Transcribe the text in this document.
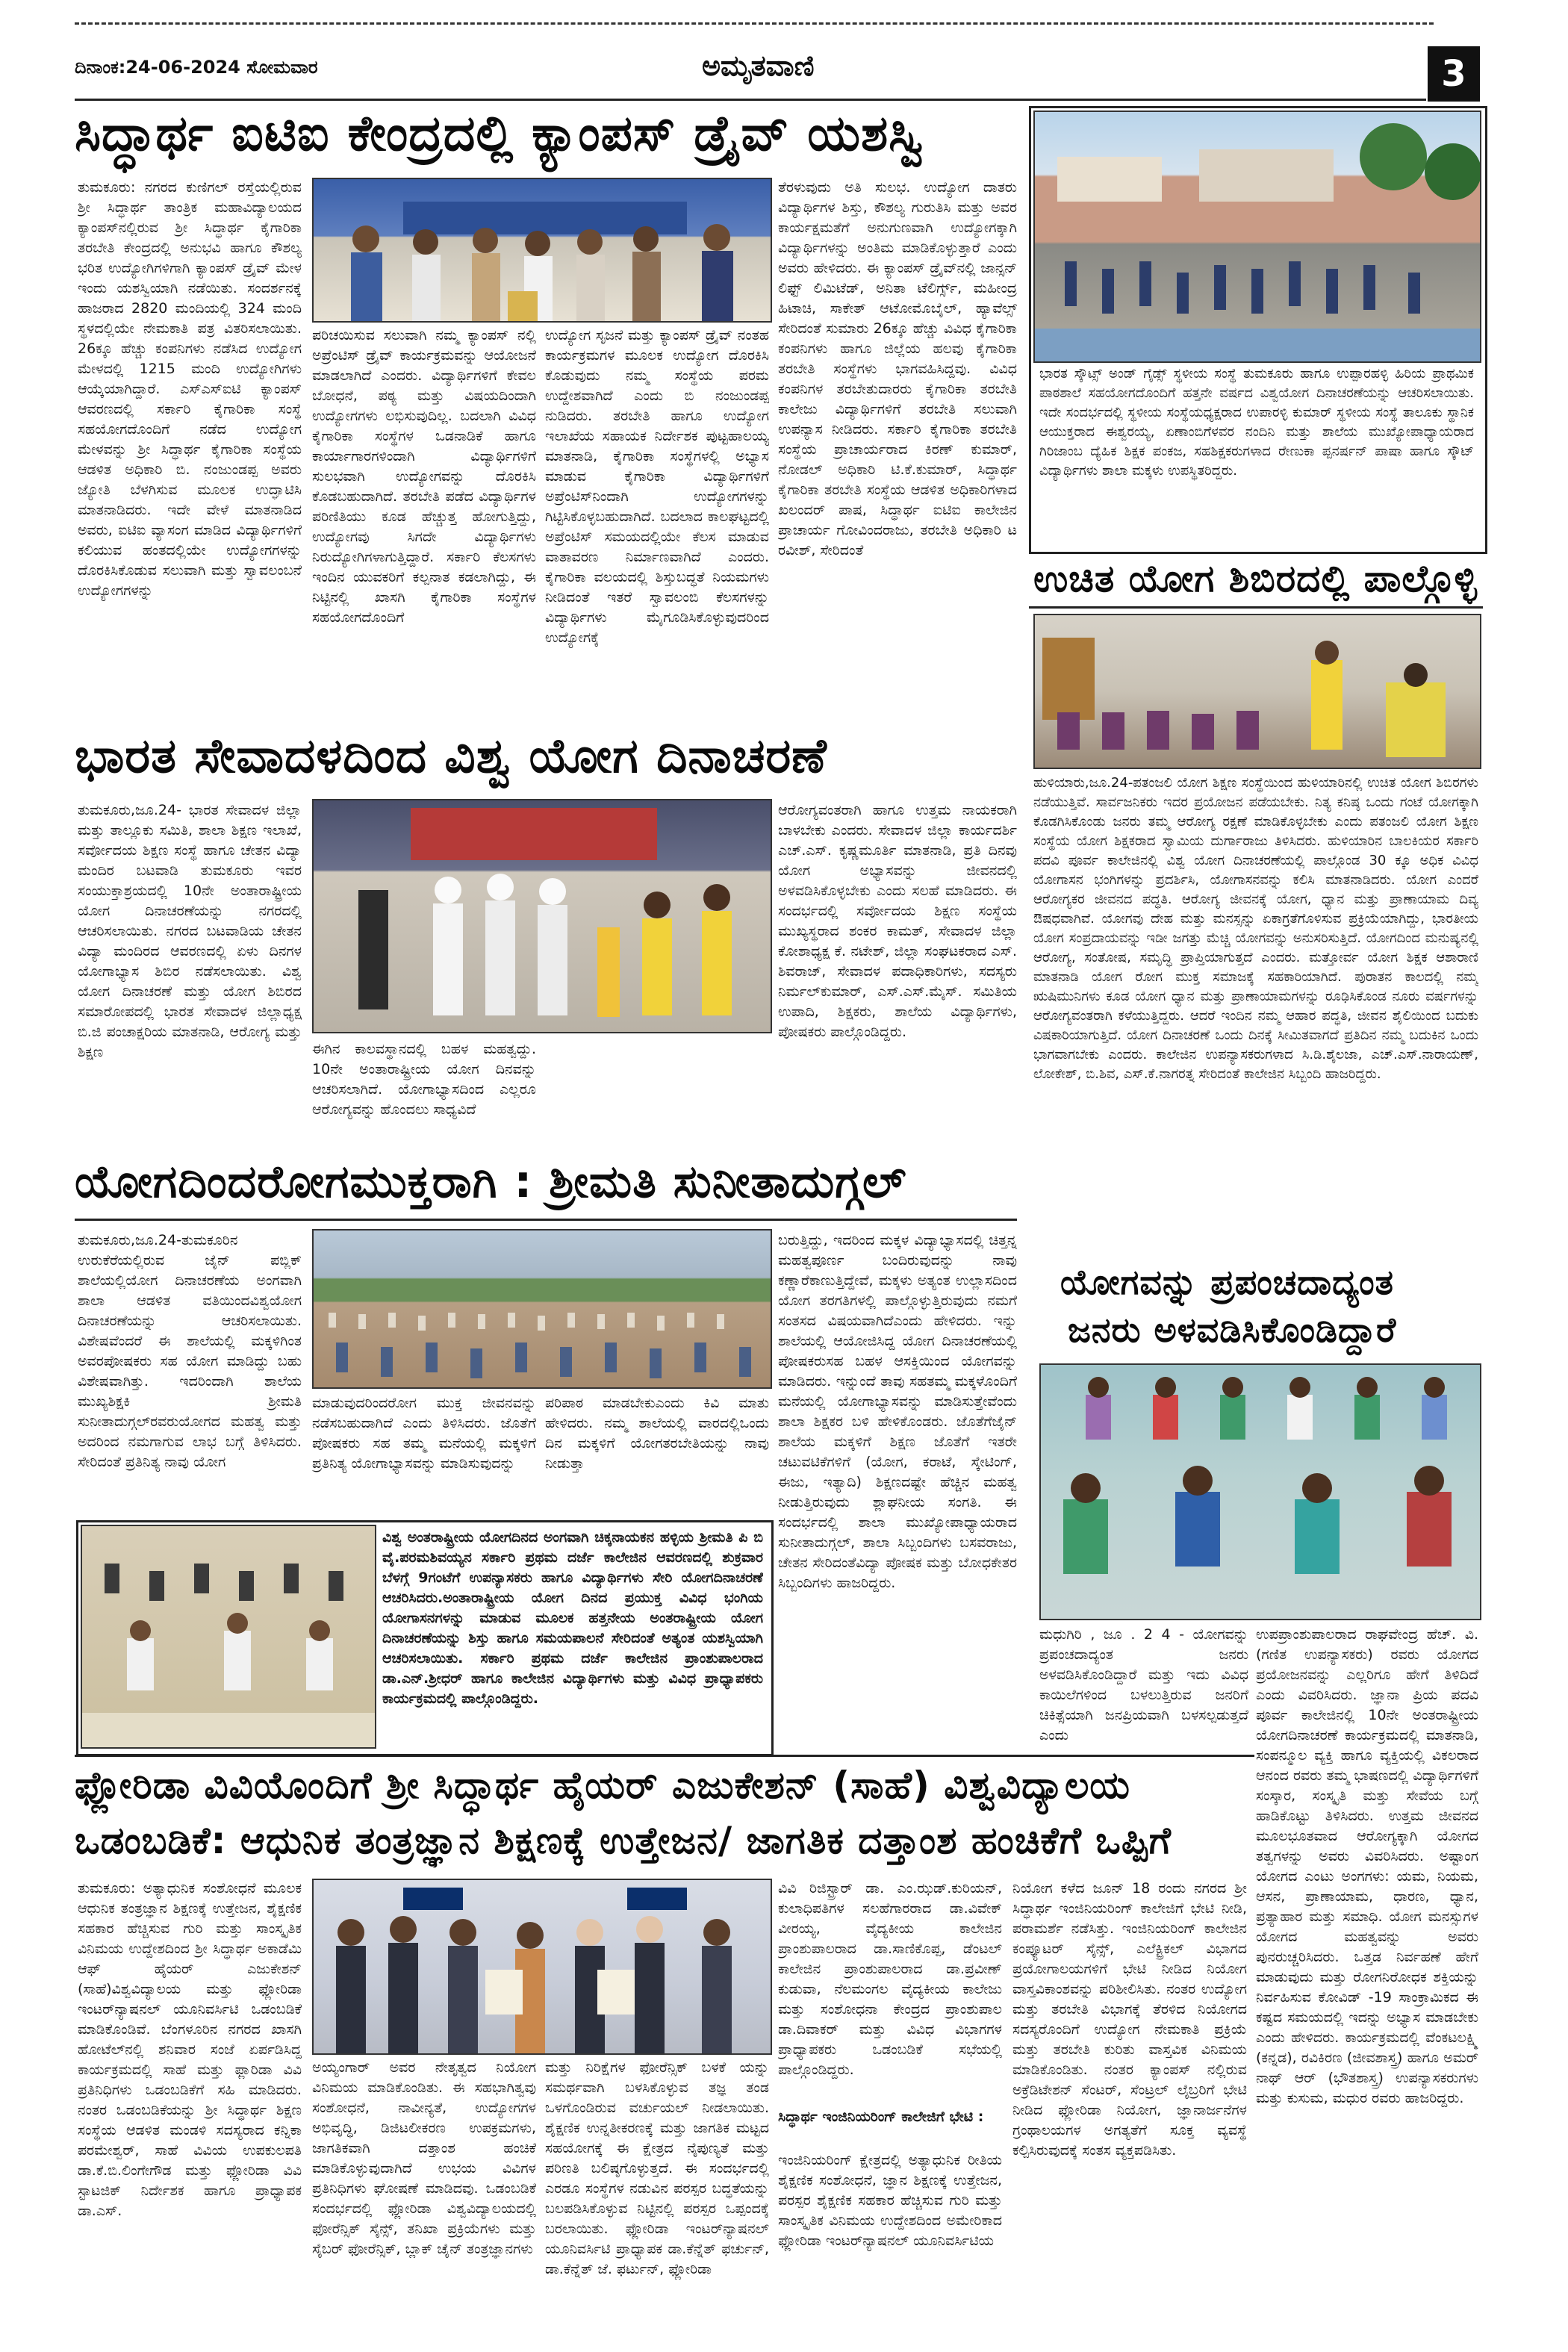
ದಿನಾಂಕ:24-06-2024 ಸೋಮವಾರ	ಅಮೃತವಾಣಿ	3
ಸಿದ್ಧಾರ್ಥ ಐಟಿಐ ಕೇಂದ್ರದಲ್ಲಿ ಕ್ಯಾಂಪಸ್ ಡ್ರೈವ್ ಯಶಸ್ವಿ
ತುಮಕೂರು: ನಗರದ ಕುಣಿಗಲ್ ರಸ್ತೆಯಲ್ಲಿರುವ ಶ್ರೀ ಸಿದ್ಧಾರ್ಥ ತಾಂತ್ರಿಕ ಮಹಾವಿದ್ಯಾಲಯದ ಕ್ಯಾಂಪಸ್‌ನಲ್ಲಿರುವ ಶ್ರೀ ಸಿದ್ಧಾರ್ಥ ಕೈಗಾರಿಕಾ ತರಬೇತಿ ಕೇಂದ್ರದಲ್ಲಿ ಅನುಭವಿ ಹಾಗೂ ಕೌಶಲ್ಯ ಭರಿತ ಉದ್ಯೋಗಿಗಳಿಗಾಗಿ ಕ್ಯಾಂಪಸ್ ಡ್ರೈವ್ ಮೇಳ ಇಂದು ಯಶಸ್ವಿಯಾಗಿ ನಡೆಯಿತು. ಸಂದರ್ಶನಕ್ಕೆ ಹಾಜರಾದ 2820 ಮಂದಿಯಲ್ಲಿ 324 ಮಂದಿ ಸ್ಥಳದಲ್ಲಿಯೇ ನೇಮಕಾತಿ ಪತ್ರ ವಿತರಿಸಲಾಯಿತು. 26ಕ್ಕೂ ಹೆಚ್ಚು ಕಂಪನಿಗಳು ನಡೆಸಿದ ಉದ್ಯೋಗ ಮೇಳದಲ್ಲಿ 1215 ಮಂದಿ ಉದ್ಯೋಗಿಗಳು ಆಯ್ಕೆಯಾಗಿದ್ದಾರೆ. ಎಸ್‌ಎಸ್‌ಐಟಿ ಕ್ಯಾಂಪಸ್ ಆವರಣದಲ್ಲಿ ಸರ್ಕಾರಿ ಕೈಗಾರಿಕಾ ಸಂಸ್ಥೆ ಸಹಯೋಗದೊಂದಿಗೆ ನಡೆದ ಉದ್ಯೋಗ ಮೇಳವನ್ನು ಶ್ರೀ ಸಿದ್ಧಾರ್ಥ ಕೈಗಾರಿಕಾ ಸಂಸ್ಥೆಯ ಆಡಳಿತ ಅಧಿಕಾರಿ ಬಿ. ನಂಜುಂಡಪ್ಪ ಅವರು ಜ್ಯೋತಿ ಬೆಳಗಿಸುವ ಮೂಲಕ ಉದ್ಘಾಟಿಸಿ ಮಾತನಾಡಿದರು. ಇದೇ ವೇಳೆ ಮಾತನಾಡಿದ ಅವರು, ಐಟಿಐ ವ್ಯಾಸಂಗ ಮಾಡಿದ ವಿದ್ಯಾರ್ಥಿಗಳಿಗೆ ಕಲಿಯುವ ಹಂತದಲ್ಲಿಯೇ ಉದ್ಯೋಗಗಳನ್ನು ದೊರಕಿಸಿಕೊಡುವ ಸಲುವಾಗಿ ಮತ್ತು ಸ್ವಾವಲಂಬನೆ ಉದ್ಯೋಗಗಳನ್ನು
ಪರಿಚಯಿಸುವ ಸಲುವಾಗಿ ನಮ್ಮ ಕ್ಯಾಂಪಸ್ ನಲ್ಲಿ ಅಪ್ರೆಂಟಿಸ್ ಡ್ರೈವ್ ಕಾರ್ಯಕ್ರಮವನ್ನು ಆಯೋಜನೆ ಮಾಡಲಾಗಿದೆ ಎಂದರು. ವಿದ್ಯಾರ್ಥಿಗಳಿಗೆ ಕೇವಲ ಬೋಧನೆ, ಪಠ್ಯ ಮತ್ತು ವಿಷಯದಿಂದಾಗಿ ಉದ್ಯೋಗಗಳು ಲಭಿಸುವುದಿಲ್ಲ. ಬದಲಾಗಿ ವಿವಿಧ ಕೈಗಾರಿಕಾ ಸಂಸ್ಥೆಗಳ ಒಡನಾಡಿಕೆ ಹಾಗೂ ಕಾರ್ಯಾಗಾರಗಳಿಂದಾಗಿ ವಿದ್ಯಾರ್ಥಿಗಳಿಗೆ ಸುಲಭವಾಗಿ ಉದ್ಯೋಗವನ್ನು ದೊರಕಿಸಿ ಕೊಡಬಹುದಾಗಿದೆ. ತರಬೇತಿ ಪಡೆದ ವಿದ್ಯಾರ್ಥಿಗಳ ಪರಿಣಿತಿಯು ಕೂಡ ಹೆಚ್ಚುತ್ತ ಹೋಗುತ್ತಿದ್ದು, ಉದ್ಯೋಗವು ಸಿಗದೇ ವಿದ್ಯಾರ್ಥಿಗಳು ನಿರುದ್ಯೋಗಿಗಳಾಗುತ್ತಿದ್ದಾರೆ. ಸರ್ಕಾರಿ ಕೆಲಸಗಳು ಇಂದಿನ ಯುವಕರಿಗೆ ಕಲ್ಪನಾತ ಕಡಲಾಗಿದ್ದು, ಈ ನಿಟ್ಟಿನಲ್ಲಿ ಖಾಸಗಿ ಕೈಗಾರಿಕಾ ಸಂಸ್ಥೆಗಳ ಸಹಯೋಗದೊಂದಿಗೆ
ಉದ್ಯೋಗ ಸೃಜನೆ ಮತ್ತು ಕ್ಯಾಂಪಸ್ ಡ್ರೈವ್ ನಂತಹ ಕಾರ್ಯಕ್ರಮಗಳ ಮೂಲಕ ಉದ್ಯೋಗ ದೊರಕಿಸಿ ಕೊಡುವುದು ನಮ್ಮ ಸಂಸ್ಥೆಯ ಪರಮ ಉದ್ದೇಶವಾಗಿದೆ ಎಂದು ಬಿ ನಂಜುಂಡಪ್ಪ ನುಡಿದರು. ತರಬೇತಿ ಹಾಗೂ ಉದ್ಯೋಗ ಇಲಾಖೆಯ ಸಹಾಯಕ ನಿರ್ದೇಶಕ ಪುಟ್ಟಹಾಲಯ್ಯ ಮಾತನಾಡಿ, ಕೈಗಾರಿಕಾ ಸಂಸ್ಥೆಗಳಲ್ಲಿ ಅಭ್ಯಾಸ ಮಾಡುವ ಕೈಗಾರಿಕಾ ವಿದ್ಯಾರ್ಥಿಗಳಿಗೆ ಅಪ್ರೆಂಟಿಸ್‌ನಿಂದಾಗಿ ಉದ್ಯೋಗಗಳನ್ನು ಗಿಟ್ಟಿಸಿಕೊಳ್ಳಬಹುದಾಗಿದೆ. ಬದಲಾದ ಕಾಲಘಟ್ಟದಲ್ಲಿ ಅಪ್ರೆಂಟಿಸ್ ಸಮಯದಲ್ಲಿಯೇ ಕೆಲಸ ಮಾಡುವ ವಾತಾವರಣ ನಿರ್ಮಾಣವಾಗಿದೆ ಎಂದರು. ಕೈಗಾರಿಕಾ ವಲಯದಲ್ಲಿ ಶಿಸ್ತುಬದ್ಧತೆ ನಿಯಮಗಳು ನೀಡಿದಂತೆ ಇತರೆ ಸ್ವಾವಲಂಬಿ ಕೆಲಸಗಳನ್ನು ವಿದ್ಯಾರ್ಥಿಗಳು ಮೈಗೂಡಿಸಿಕೊಳ್ಳುವುದರಿಂದ ಉದ್ಯೋಗಕ್ಕೆ
ತೆರಳುವುದು ಅತಿ ಸುಲಭ. ಉದ್ಯೋಗ ದಾತರು ವಿದ್ಯಾರ್ಥಿಗಳ ಶಿಸ್ತು, ಕೌಶಲ್ಯ ಗುರುತಿಸಿ ಮತ್ತು ಅವರ ಕಾರ್ಯಕ್ಷಮತೆಗೆ ಅನುಗುಣವಾಗಿ ಉದ್ಯೋಗಕ್ಕಾಗಿ ವಿದ್ಯಾರ್ಥಿಗಳನ್ನು ಅಂತಿಮ ಮಾಡಿಕೊಳ್ಳುತ್ತಾರೆ ಎಂದು ಅವರು ಹೇಳಿದರು. ಈ ಕ್ಯಾಂಪಸ್ ಡ್ರೈವ್‌ನಲ್ಲಿ ಜಾನ್ಸನ್ ಲಿಫ್ಟ್ ಲಿಮಿಟೆಡ್, ಅನಿತಾ ಟೆಲಿರ್ಗ್ಸ್, ಮಹೀಂದ್ರ ಹಿಟಾಚಿ, ಸಾಕೇತ್ ಆಟೋಮೊಬೈಲ್, ಹ್ಯಾವೆಲ್ಸ್ ಸೇರಿದಂತೆ ಸುಮಾರು 26ಕ್ಕೂ ಹೆಚ್ಚು ವಿವಿಧ ಕೈಗಾರಿಕಾ ಕಂಪನಿಗಳು ಹಾಗೂ ಜಿಲ್ಲೆಯ ಹಲವು ಕೈಗಾರಿಕಾ ತರಬೇತಿ ಸಂಸ್ಥೆಗಳು ಭಾಗವಹಿಸಿದ್ದವು. ವಿವಿಧ ಕಂಪನಿಗಳ ತರಬೇತುದಾರರು ಕೈಗಾರಿಕಾ ತರಬೇತಿ ಕಾಲೇಜು ವಿದ್ಯಾರ್ಥಿಗಳಿಗೆ ತರಬೇತಿ ಸಲುವಾಗಿ ಉಪನ್ಯಾಸ ನೀಡಿದರು. ಸರ್ಕಾರಿ ಕೈಗಾರಿಕಾ ತರಬೇತಿ ಸಂಸ್ಥೆಯ ಪ್ರಾಚಾರ್ಯರಾದ ಕಿರಣ್ ಕುಮಾರ್, ನೋಡಲ್ ಅಧಿಕಾರಿ ಟಿ.ಕೆ.ಕುಮಾರ್, ಸಿದ್ಧಾರ್ಥ ಕೈಗಾರಿಕಾ ತರಬೇತಿ ಸಂಸ್ಥೆಯ ಆಡಳಿತ ಅಧಿಕಾರಿಗಳಾದ ಖಲಂದರ್ ಪಾಷ, ಸಿದ್ಧಾರ್ಥ ಐಟಿಐ ಕಾಲೇಜಿನ ಪ್ರಾಚಾರ್ಯ ಗೋವಿಂದರಾಜು, ತರಬೇತಿ ಅಧಿಕಾರಿ ಟ ರವೀಶ್, ಸೇರಿದಂತೆ
ಭಾರತ ಸ್ಕೌಟ್ಸ್ ಅಂಡ್ ಗೈಡ್ಸ್ ಸ್ಥಳೀಯ ಸಂಸ್ಥೆ ತುಮಕೂರು ಹಾಗೂ ಉಪ್ಪಾರಹಳ್ಳಿ ಹಿರಿಯ ಪ್ರಾಥಮಿಕ ಪಾಠಶಾಲೆ ಸಹಯೋಗದೊಂದಿಗೆ ಹತ್ತನೇ ವರ್ಷದ ವಿಶ್ವಯೋಗ ದಿನಾಚರಣೆಯನ್ನು ಆಚರಿಸಲಾಯಿತು. ಇದೇ ಸಂದರ್ಭದಲ್ಲಿ ಸ್ಥಳೀಯ ಸಂಸ್ಥೆಯಧ್ಯಕ್ಷರಾದ ಉಪಾರಳ್ಳಿ ಕುಮಾರ್ ಸ್ಥಳೀಯ ಸಂಸ್ಥೆ ತಾಲೂಕು ಸ್ಥಾನಿಕ ಆಯುಕ್ತರಾದ ಈಶ್ವರಯ್ಯ, ಏಣಾಂಬಿಗೆಳವರ ನಂದಿನಿ ಮತ್ತು ಶಾಲೆಯ ಮುಖ್ಯೋಪಾಧ್ಯಾಯರಾದ ಗಿರಿಜಾಂಬ ದ್ಯೆಹಿಕ ಶಿಕ್ಷಕ ಪಂಕಜ, ಸಹಶಿಕ್ಷಕರುಗಳಾದ ರೇಣುಕಾ ಪ್ಪನರ್ಷನ್ ಪಾಷಾ ಹಾಗೂ ಸ್ಕೌಟ್ ವಿದ್ಯಾರ್ಥಿಗಳು ಶಾಲಾ ಮಕ್ಕಳು ಉಪಸ್ಥಿತರಿದ್ದರು.
ಉಚಿತ ಯೋಗ ಶಿಬಿರದಲ್ಲಿ ಪಾಲ್ಗೊಳ್ಳಿ
ಹುಳಿಯಾರು,ಜೂ.24-ಪತಂಜಲಿ ಯೋಗ ಶಿಕ್ಷಣ ಸಂಸ್ಥೆಯಿಂದ ಹುಳಿಯಾರಿನಲ್ಲಿ ಉಚಿತ ಯೋಗ ಶಿಬಿರಗಳು ನಡೆಯುತ್ತಿವೆ. ಸಾರ್ವಜನಿಕರು ಇದರ ಪ್ರಯೋಜನ ಪಡೆಯಬೇಕು. ನಿತ್ಯ ಕನಿಷ್ಠ ಒಂದು ಗಂಟೆ ಯೋಗಕ್ಕಾಗಿ ಕೊಡಗಿಸಿಕೊಂಡು ಜನರು ತಮ್ಮ ಆರೋಗ್ಯ ರಕ್ಷಣೆ ಮಾಡಿಕೊಳ್ಳಬೇಕು ಎಂದು ಪತಂಜಲಿ ಯೋಗ ಶಿಕ್ಷಣ ಸಂಸ್ಥೆಯ ಯೋಗ ಶಿಕ್ಷಕರಾದ ಸ್ವಾಮಿಯ ದುರ್ಗಾರಾಜು ತಿಳಿಸಿದರು. ಹುಳಿಯಾರಿನ ಬಾಲಕಿಯರ ಸರ್ಕಾರಿ ಪದವಿ ಪೂರ್ವ ಕಾಲೇಜಿನಲ್ಲಿ ವಿಶ್ವ ಯೋಗ ದಿನಾಚರಣೆಯಲ್ಲಿ ಪಾಲ್ಗೊಂಡ 30 ಕ್ಕೂ ಅಧಿಕ ವಿವಿಧ ಯೋಗಾಸನ ಭಂಗಿಗಳನ್ನು ಪ್ರದರ್ಶಿಸಿ, ಯೋಗಾಸನವನ್ನು ಕಲಿಸಿ ಮಾತನಾಡಿದರು. ಯೋಗ ಎಂದರೆ ಆರೋಗ್ಯಕರ ಜೀವನದ ಪದ್ಧತಿ. ಆರೋಗ್ಯ ಜೀವನಕ್ಕೆ ಯೋಗ, ಧ್ಯಾನ ಮತ್ತು ಪ್ರಾಣಾಯಾಮ ದಿವ್ಯ ಔಷಧವಾಗಿವೆ. ಯೋಗವು ದೇಹ ಮತ್ತು ಮನಸ್ಸನ್ನು ಏಕಾಗ್ರತೆಗೊಳಿಸುವ ಪ್ರಕ್ರಿಯೆಯಾಗಿದ್ದು, ಭಾರತೀಯ ಯೋಗ ಸಂಪ್ರದಾಯವನ್ನು ಇಡೀ ಜಗತ್ತು ಮೆಚ್ಚಿ ಯೋಗವನ್ನು ಅನುಸರಿಸುತ್ತಿದೆ. ಯೋಗದಿಂದ ಮನುಷ್ಯನಲ್ಲಿ ಆರೋಗ್ಯ, ಸಂತೋಷ, ಸಮೃದ್ಧಿ ಪ್ರಾಪ್ತಿಯಾಗುತ್ತದೆ ಎಂದರು. ಮತ್ತೋರ್ವ ಯೋಗ ಶಿಕ್ಷಕ ಆಶಾರಾಣಿ ಮಾತನಾಡಿ ಯೋಗ ರೋಗ ಮುಕ್ತ ಸಮಾಜಕ್ಕೆ ಸಹಕಾರಿಯಾಗಿದೆ. ಪುರಾತನ ಕಾಲದಲ್ಲಿ ನಮ್ಮ ಋಷಿಮುನಿಗಳು ಕೂಡ ಯೋಗ ಧ್ಯಾನ ಮತ್ತು ಪ್ರಾಣಾಯಾಮಗಳನ್ನು ರೂಢಿಸಿಕೊಂಡ ನೂರು ವರ್ಷಗಳನ್ನು ಆರೋಗ್ಯವಂತರಾಗಿ ಕಳೆಯುತ್ತಿದ್ದರು. ಆದರೆ ಇಂದಿನ ನಮ್ಮ ಆಹಾರ ಪದ್ಧತಿ, ಜೀವನ ಶೈಲಿಯಿಂದ ಬದುಕು ವಿಷಕಾರಿಯಾಗುತ್ತಿದೆ. ಯೋಗ ದಿನಾಚರಣೆ ಒಂದು ದಿನಕ್ಕೆ ಸೀಮಿತವಾಗದೆ ಪ್ರತಿದಿನ ನಮ್ಮ ಬದುಕಿನ ಒಂದು ಭಾಗವಾಗಬೇಕು ಎಂದರು. ಕಾಲೇಜಿನ ಉಪನ್ಯಾಸಕರುಗಳಾದ ಸಿ.ಡಿ.ಶೈಲಜಾ, ಎಚ್.ಎಸ್.ನಾರಾಯಣ್, ಲೋಕೇಶ್, ಬಿ.ಶಿವ, ಎಸ್.ಕೆ.ನಾಗರತ್ನ ಸೇರಿದಂತೆ ಕಾಲೇಜಿನ ಸಿಬ್ಬಂದಿ ಹಾಜರಿದ್ದರು.
ಭಾರತ ಸೇವಾದಳದಿಂದ ವಿಶ್ವ ಯೋಗ ದಿನಾಚರಣೆ
ತುಮಕೂರು,ಜೂ.24- ಭಾರತ ಸೇವಾದಳ ಜಿಲ್ಲಾ ಮತ್ತು ತಾಲ್ಲೂಕು ಸಮಿತಿ, ಶಾಲಾ ಶಿಕ್ಷಣ ಇಲಾಖೆ, ಸರ್ವೋದಯ ಶಿಕ್ಷಣ ಸಂಸ್ಥೆ ಹಾಗೂ ಚೇತನ ವಿದ್ಯಾ ಮಂದಿರ ಬಟವಾಡಿ ತುಮಕೂರು ಇವರ ಸಂಯುಕ್ತಾಶ್ರಯದಲ್ಲಿ 10ನೇ ಅಂತಾರಾಷ್ಟ್ರೀಯ ಯೋಗ ದಿನಾಚರಣೆಯನ್ನು ನಗರದಲ್ಲಿ ಆಚರಿಸಲಾಯಿತು. ನಗರದ ಬಟವಾಡಿಯ ಚೇತನ ವಿದ್ಯಾ ಮಂದಿರದ ಆವರಣದಲ್ಲಿ ಏಳು ದಿನಗಳ ಯೋಗಾಭ್ಯಾಸ ಶಿಬಿರ ನಡೆಸಲಾಯಿತು. ವಿಶ್ವ ಯೋಗ ದಿನಾಚರಣೆ ಮತ್ತು ಯೋಗ ಶಿಬಿರದ ಸಮಾರೋಪದಲ್ಲಿ ಭಾರತ ಸೇವಾದಳ ಜಿಲ್ಲಾಧ್ಯಕ್ಷ ಬಿ.ಜಿ ಪಂಚಾಕ್ಷರಿಯ ಮಾತನಾಡಿ, ಆರೋಗ್ಯ ಮತ್ತು ಶಿಕ್ಷಣ	ಈಗಿನ ಕಾಲವಸ್ಥಾನದಲ್ಲಿ ಬಹಳ ಮಹತ್ವದ್ದು. 10ನೇ ಅಂತಾರಾಷ್ಟ್ರೀಯ ಯೋಗ ದಿನವನ್ನು ಆಚರಿಸಲಾಗಿದೆ. ಯೋಗಾಭ್ಯಾಸದಿಂದ ಎಲ್ಲರೂ ಆರೋಗ್ಯವನ್ನು ಹೊಂದಲು ಸಾಧ್ಯವಿದೆ
ಆರೋಗ್ಯವಂತರಾಗಿ ಹಾಗೂ ಉತ್ತಮ ನಾಯಕರಾಗಿ ಬಾಳಬೇಕು ಎಂದರು. ಸೇವಾದಳ ಜಿಲ್ಲಾ ಕಾರ್ಯದರ್ಶಿ ಎಚ್.ಎಸ್. ಕೃಷ್ಣಮೂರ್ತಿ ಮಾತನಾಡಿ, ಪ್ರತಿ ದಿನವು ಯೋಗ ಅಭ್ಯಾಸವನ್ನು ಜೀವನದಲ್ಲಿ ಅಳವಡಿಸಿಕೊಳ್ಳಬೇಕು ಎಂದು ಸಲಹೆ ಮಾಡಿದರು. ಈ ಸಂದರ್ಭದಲ್ಲಿ ಸರ್ವೋದಯ ಶಿಕ್ಷಣ ಸಂಸ್ಥೆಯ ಮುಖ್ಯಸ್ಥರಾದ ಶಂಕರ ಕಾಮತ್, ಸೇವಾದಳ ಜಿಲ್ಲಾ ಕೋಶಾಧ್ಯಕ್ಷ ಕೆ. ನಟೇಶ್, ಜಿಲ್ಲಾ ಸಂಘಟಕರಾದ ಎಸ್. ಶಿವರಾಜ್, ಸೇವಾದಳ ಪದಾಧಿಕಾರಿಗಳು, ಸದಸ್ಯರು ನಿರ್ಮಲ್‌ಕುಮಾರ್, ಎಸ್.ಎಸ್.ಮೈಸ್. ಸಮಿತಿಯ ಉಪಾದಿ, ಶಿಕ್ಷಕರು, ಶಾಲೆಯ ವಿದ್ಯಾರ್ಥಿಗಳು, ಪೋಷಕರು ಪಾಲ್ಗೊಂಡಿದ್ದರು.
ಯೋಗದಿಂದರೋಗಮುಕ್ತರಾಗಿ : ಶ್ರೀಮತಿ ಸುನೀತಾದುಗ್ಗಲ್
ತುಮಕೂರು,ಜೂ.24-ತುಮಕೂರಿನ ಉರುಕೆರೆಯಲ್ಲಿರುವ ಜೈನ್ ಪಬ್ಲಿಕ್ ಶಾಲೆಯಲ್ಲಿಯೋಗ ದಿನಾಚರಣೆಯ ಅಂಗವಾಗಿ ಶಾಲಾ ಆಡಳಿತ ವತಿಯಿಂದವಿಶ್ವಯೋಗ ದಿನಾಚರಣೆಯನ್ನು ಆಚರಿಸಲಾಯಿತು. ವಿಶೇಷವೆಂದರೆ ಈ ಶಾಲೆಯಲ್ಲಿ ಮಕ್ಕಳಿಗಿಂತ ಅವರಪೋಷಕರು ಸಹ ಯೋಗ ಮಾಡಿದ್ದು ಬಹು ವಿಶೇಷವಾಗಿತ್ತು. ಇದರಿಂದಾಗಿ ಶಾಲೆಯ ಮುಖ್ಯಶಿಕ್ಷಕಿ ಶ್ರೀಮತಿ ಸುನೀತಾದುಗ್ಗಲ್‌ರವರುಯೋಗದ ಮಹತ್ವ ಮತ್ತು ಅದರಿಂದ ನಮಗಾಗುವ ಲಾಭ ಬಗ್ಗೆ ತಿಳಿಸಿದರು. ಸೇರಿದಂತೆ ಪ್ರತಿನಿತ್ಯ ನಾವು ಯೋಗ
ಮಾಡುವುದರಿಂದರೋಗ ಮುಕ್ತ ಜೀವನವನ್ನು ನಡೆಸಬಹುದಾಗಿದೆ ಎಂದು ತಿಳಿಸಿದರು. ಜೊತೆಗೆ ಪೋಷಕರು ಸಹ ತಮ್ಮ ಮನೆಯಲ್ಲಿ ಮಕ್ಕಳಿಗೆ ಪ್ರತಿನಿತ್ಯ ಯೋಗಾಭ್ಯಾಸವನ್ನು ಮಾಡಿಸುವುದನ್ನು
ಪರಿಪಾಠ ಮಾಡಬೇಕುಎಂದು ಕಿವಿ ಮಾತು ಹೇಳಿದರು. ನಮ್ಮ ಶಾಲೆಯಲ್ಲಿ ವಾರದಲ್ಲಿಒಂದು ದಿನ ಮಕ್ಕಳಿಗೆ ಯೋಗತರಬೇತಿಯನ್ನು ನಾವು ನೀಡುತ್ತಾ
ಬರುತ್ತಿದ್ದು, ಇದರಿಂದ ಮಕ್ಕಳ ವಿದ್ಯಾಭ್ಯಾಸದಲ್ಲಿ ಚಿತ್ತನ್ನ ಮಹತ್ವಪೂರ್ಣ ಬಂದಿರುವುದನ್ನು ನಾವು ಕಣ್ಣಾರೆಕಾಣುತ್ತಿದ್ದೇವೆ, ಮಕ್ಕಳು ಅತ್ಯಂತ ಉಲ್ಲಾಸದಿಂದ ಯೋಗ ತರಗತಿಗಳಲ್ಲಿ ಪಾಲ್ಗೊಳ್ಳುತ್ತಿರುವುದು ನಮಗೆ ಸಂತಸದ ವಿಷಯವಾಗಿದೆಎಂದು ಹೇಳಿದರು. ಇನ್ನು ಶಾಲೆಯಲ್ಲಿ ಆಯೋಜಿಸಿದ್ದ ಯೋಗ ದಿನಾಚರಣೆಯಲ್ಲಿ ಪೋಷಕರುಸಹ ಬಹಳ ಆಸಕ್ತಿಯಿಂದ ಯೋಗವನ್ನು ಮಾಡಿದರು. ಇನ್ನುಂದೆ ತಾವು ಸಹತಮ್ಮ ಮಕ್ಕಳೊಂದಿಗೆ ಮನೆಯಲ್ಲಿ ಯೋಗಾಭ್ಯಾಸವನ್ನು ಮಾಡಿಸುತ್ತೇವೆಂದು ಶಾಲಾ ಶಿಕ್ಷಕರ ಬಳಿ ಹೇಳಿಕೊಂಡರು. ಜೊತೆಗೆಜೈನ್ ಶಾಲೆಯ ಮಕ್ಕಳಿಗೆ ಶಿಕ್ಷಣ ಜೊತೆಗೆ ಇತರೇ ಚಟುವಟಿಕೆಗಳಿಗೆ (ಯೋಗ, ಕರಾಟೆ, ಸ್ಕೇಟಿಂಗ್, ಈಜು, ಇತ್ಯಾದಿ) ಶಿಕ್ಷಣದಷ್ಟೇ ಹೆಚ್ಚಿನ ಮಹತ್ವ ನೀಡುತ್ತಿರುವುದು ಶ್ಲಾಘನೀಯ ಸಂಗತಿ. ಈ ಸಂದರ್ಭದಲ್ಲಿ ಶಾಲಾ ಮುಖ್ಯೋಪಾಧ್ಯಾಯರಾದ ಸುನೀತಾದುಗ್ಗಲ್, ಶಾಲಾ ಸಿಬ್ಬಂದಿಗಳು ಬಸವರಾಜು, ಚೇತನ ಸೇರಿದಂತೆವಿದ್ಯಾ ಪೋಷಕ ಮತ್ತು ಬೋಧಕೇತರ ಸಿಬ್ಬಂದಿಗಳು ಹಾಜರಿದ್ದರು.
ವಿಶ್ವ ಅಂತರಾಷ್ಟ್ರೀಯ ಯೋಗದಿನದ ಅಂಗವಾಗಿ ಚಿಕ್ಕನಾಯಕನ ಹಳ್ಳಿಯ ಶ್ರೀಮತಿ ಪಿ ಬಿ ವೈ.ಪರಮಶಿವಯ್ಯನ ಸರ್ಕಾರಿ ಪ್ರಥಮ ದರ್ಜೆ ಕಾಲೇಜಿನ ಆವರಣದಲ್ಲಿ ಶುಕ್ರವಾರ ಬೆಳಗ್ಗೆ 9ಗಂಟೆಗೆ ಉಪನ್ಯಾಸಕರು ಹಾಗೂ ವಿದ್ಯಾರ್ಥಿಗಳು ಸೇರಿ ಯೋಗದಿನಾಚರಣೆ ಆಚರಿಸಿದರು.ಅಂತಾರಾಷ್ಟ್ರೀಯ ಯೋಗ ದಿನದ ಪ್ರಯುಕ್ತ ವಿವಿಧ ಭಂಗಿಯ ಯೋಗಾಸನಗಳನ್ನು ಮಾಡುವ ಮೂಲಕ ಹತ್ತನೇಯ ಅಂತರಾಷ್ಟ್ರೀಯ ಯೋಗ ದಿನಾಚರಣೆಯನ್ನು ಶಿಸ್ತು ಹಾಗೂ ಸಮಯಪಾಲನೆ ಸೇರಿದಂತೆ ಅತ್ಯಂತ ಯಶಸ್ವಿಯಾಗಿ ಆಚರಿಸಲಾಯಿತು. ಸರ್ಕಾರಿ ಪ್ರಥಮ ದರ್ಜೆ ಕಾಲೇಜಿನ ಪ್ರಾಂಶುಪಾಲರಾದ ಡಾ.ಎನ್.ಶ್ರೀಧರ್ ಹಾಗೂ ಕಾಲೇಜಿನ ವಿದ್ಯಾರ್ಥಿಗಳು ಮತ್ತು ವಿವಿಧ ಪ್ರಾಧ್ಯಾಪಕರು ಕಾರ್ಯಕ್ರಮದಲ್ಲಿ ಪಾಲ್ಗೊಂಡಿದ್ದರು.
ಯೋಗವನ್ನು ಪ್ರಪಂಚದಾದ್ಯಂತ
ಜನರು ಅಳವಡಿಸಿಕೊಂಡಿದ್ದಾರೆ
ಮಧುಗಿರಿ , ಜೂ . 2 4 - ಯೋಗವನ್ನು ಪ್ರಪಂಚದಾದ್ಯಂತ ಜನರು ಅಳವಡಿಸಿಕೊಂಡಿದ್ದಾರೆ ಮತ್ತು ಇದು ವಿವಿಧ ಕಾಯಿಲೆಗಳಿಂದ ಬಳಲುತ್ತಿರುವ ಜನರಿಗೆ ಚಿಕಿತ್ಸೆಯಾಗಿ ಜನಪ್ರಿಯವಾಗಿ ಬಳಸಲ್ಪಡುತ್ತದೆ ಎಂದು
ಉಪಪ್ರಾಂಶುಪಾಲರಾದ ರಾಘವೇಂದ್ರ ಹೆಚ್. ವಿ. (ಗಣಿತ ಉಪನ್ಯಾಸಕರು) ರವರು ಯೋಗದ ಪ್ರಯೋಜನವನ್ನು ಎಲ್ಲರಿಗೂ ಹೇಗೆ ತಿಳಿದಿದೆ ಎಂದು ವಿವರಿಸಿದರು. ಜ್ಞಾನಾ ಪ್ರಿಯ ಪದವಿ ಪೂರ್ವ ಕಾಲೇಜಿನಲ್ಲಿ 10ನೇ ಅಂತರಾಷ್ಟ್ರೀಯ ಯೋಗದಿನಾಚರಣೆ ಕಾರ್ಯಕ್ರಮದಲ್ಲಿ ಮಾತನಾಡಿ, ಸಂಪನ್ಮೂಲ ವ್ಯಕ್ತಿ ಹಾಗೂ ವ್ಯಕ್ತಿಯಲ್ಲಿ ವಿಕಲರಾದ ಆನಂದ ರವರು ತಮ್ಮ ಭಾಷಣದಲ್ಲಿ ವಿದ್ಯಾರ್ಥಿಗಳಿಗೆ ಸಂಸ್ಕಾರ, ಸಂಸ್ಕೃತಿ ಮತ್ತು ಸೇವೆಯ ಬಗ್ಗೆ ಹಾಡಿಕೊಟ್ಟು ತಿಳಿಸಿದರು. ಉತ್ತಮ ಜೀವನದ ಮೂಲಭೂತವಾದ ಆರೋಗ್ಯಕ್ಕಾಗಿ ಯೋಗದ ತತ್ವಗಳನ್ನು ಅವರು ವಿವರಿಸಿದರು. ಅಷ್ಟಾಂಗ ಯೋಗದ ಎಂಟು ಅಂಗಗಳು: ಯಮ, ನಿಯಮ, ಆಸನ, ಪ್ರಾಣಾಯಾಮ, ಧಾರಣ, ಧ್ಯಾನ, ಪ್ರತ್ಯಾಹಾರ ಮತ್ತು ಸಮಾಧಿ. ಯೋಗ ಮನಸ್ಸುಗಳ ಯೋಗದ ಮಹತ್ವವನ್ನು ಅವರು ಪುನರುಚ್ಚರಿಸಿದರು. ಒತ್ತಡ ನಿರ್ವಹಣೆ ಹೇಗೆ ಮಾಡುವುದು ಮತ್ತು ರೋಗನಿರೋಧಕ ಶಕ್ತಿಯನ್ನು ನಿರ್ವಹಿಸುವ ಕೋವಿಡ್ -19 ಸಾಂಕ್ರಾಮಿಕದ ಈ ಕಷ್ಟದ ಸಮಯದಲ್ಲಿ ಇದನ್ನು ಅಭ್ಯಾಸ ಮಾಡಬೇಕು ಎಂದು ಹೇಳಿದರು. ಕಾರ್ಯಕ್ರಮದಲ್ಲಿ ವೆಂಕಟಲಕ್ಷ್ಮಿ (ಕನ್ನಡ), ರವಿಕಿರಣ (ಜೀವಶಾಸ್ತ್ರ) ಹಾಗೂ ಅಮರ್ ನಾಥ್ ಆರ್ (ಭೌತಶಾಸ್ತ್ರ) ಉಪನ್ಯಾಸಕರುಗಳು ಮತ್ತು ಕುಸುಮ, ಮಧುರ ರವರು ಹಾಜರಿದ್ದರು.
ಫ್ಲೋರಿಡಾ ವಿವಿಯೊಂದಿಗೆ ಶ್ರೀ ಸಿದ್ಧಾರ್ಥ ಹೈಯರ್ ಎಜುಕೇಶನ್ (ಸಾಹೆ) ವಿಶ್ವವಿದ್ಯಾಲಯ
ಒಡಂಬಡಿಕೆ: ಆಧುನಿಕ ತಂತ್ರಜ್ಞಾನ ಶಿಕ್ಷಣಕ್ಕೆ ಉತ್ತೇಜನ/ ಜಾಗತಿಕ ದತ್ತಾಂಶ ಹಂಚಿಕೆಗೆ ಒಪ್ಪಿಗೆ
ತುಮಕೂರು: ಅತ್ಯಾಧುನಿಕ ಸಂಶೋಧನೆ ಮೂಲಕ ಆಧುನಿಕ ತಂತ್ರಜ್ಞಾನ ಶಿಕ್ಷಣಕ್ಕೆ ಉತ್ತೇಜನ, ಶೈಕ್ಷಣಿಕ ಸಹಕಾರ ಹೆಚ್ಚಿಸುವ ಗುರಿ ಮತ್ತು ಸಾಂಸ್ಕೃತಿಕ ವಿನಿಮಯ ಉದ್ದೇಶದಿಂದ ಶ್ರೀ ಸಿದ್ಧಾರ್ಥ ಅಕಾಡೆಮಿ ಆಫ್ ಹೈಯರ್ ಎಜುಕೇಶನ್ (ಸಾಹೆ)ವಿಶ್ವವಿದ್ಯಾಲಯ ಮತ್ತು ಫ್ಲೋರಿಡಾ ಇಂಟರ್‌ನ್ಯಾಷನಲ್ ಯೂನಿವರ್ಸಿಟಿ ಒಡಂಬಡಿಕೆ ಮಾಡಿಕೊಂಡಿವೆ. ಬೆಂಗಳೂರಿನ ನಗರದ ಖಾಸಗಿ ಹೋಟೆಲ್‌ನಲ್ಲಿ ಶನಿವಾರ ಸಂಜೆ ಏರ್ಪಡಿಸಿದ್ದ ಕಾರ್ಯಕ್ರಮದಲ್ಲಿ ಸಾಹೆ ಮತ್ತು ಫ್ಲಾರಿಡಾ ವಿವಿ ಪ್ರತಿನಿಧಿಗಳು ಒಡಂಬಡಿಕೆಗೆ ಸಹಿ ಮಾಡಿದರು. ನಂತರ ಒಡಂಬಡಿಕೆಯನ್ನು ಶ್ರೀ ಸಿದ್ಧಾರ್ಥ ಶಿಕ್ಷಣ ಸಂಸ್ಥೆಯ ಆಡಳಿತ ಮಂಡಳಿ ಸದಸ್ಯರಾದ ಕನ್ನಿಕಾ ಪರಮೇಶ್ವರ್, ಸಾಹೆ ವಿವಿಯ ಉಪಕುಲಪತಿ ಡಾ.ಕೆ.ಬಿ.ಲಿಂಗೇಗೌಡ ಮತ್ತು ಫ್ಲೋರಿಡಾ ವಿವಿ ಸ್ಟಾಟಜಿಕ್ ನಿರ್ದೇಶಕ ಹಾಗೂ ಪ್ರಾಧ್ಯಾಪಕ ಡಾ.ಎಸ್.
ಅಯ್ಯಂಗಾರ್ ಅವರ ನೇತೃತ್ವದ ನಿಯೋಗ ವಿನಿಮಯ ಮಾಡಿಕೊಂಡಿತು. ಈ ಸಹಭಾಗಿತ್ವವು ಸಂಶೋಧನೆ, ನಾವೀನ್ಯತೆ, ಉದ್ಯೋಗಗಳ ಅಭಿವೃದ್ಧಿ, ಡಿಜಿಟಲೀಕರಣ ಉಪಕ್ರಮಗಳು, ಜಾಗತಿಕವಾಗಿ ದತ್ತಾಂಶ ಹಂಚಿಕೆ ಮಾಡಿಕೊಳ್ಳುವುದಾಗಿದೆ ಉಭಯ ವಿವಿಗಳ ಪ್ರತಿನಿಧಿಗಳು ಘೋಷಣೆ ಮಾಡಿದವು. ಒಡಂಬಡಿಕೆ ಸಂದರ್ಭದಲ್ಲಿ ಫ್ಲೋರಿಡಾ ವಿಶ್ವವಿದ್ಯಾಲಯದಲ್ಲಿ ಫೋರೆನ್ಸಿಕ್ ಸೈನ್ಸ್, ತನಿಖಾ ಪ್ರಕ್ರಿಯೆಗಳು ಮತ್ತು ಸೈಬರ್ ಫೋರೆನ್ಸಿಕ್, ಬ್ಲಾಕ್ ಚೈನ್ ತಂತ್ರಜ್ಞಾನಗಳು
ಮತ್ತು ನಿರಿಕ್ಷೆಗಳ ಫೋರೆನ್ಸಿಕ್ ಬಳಕೆ ಯನ್ನು ಸಮರ್ಥವಾಗಿ ಬಳಸಿಕೊಳ್ಳುವ ತಜ್ಞ ತಂಡ ಒಳಗೊಂಡಿರುವ ವರ್ಚುಯಲ್ ನೀಡಲಾಯಿತು. ಶೈಕ್ಷಣಿಕ ಉನ್ನತೀಕರಣಕ್ಕೆ ಮತ್ತು ಜಾಗತಿಕ ಮಟ್ಟದ ಸಹಯೋಗಕ್ಕೆ ಈ ಕ್ಷೇತ್ರದ ನೈಪುಣ್ಯತೆ ಮತ್ತು ಪರಿಣತಿ ಬಲಿಷ್ಠಗೊಳ್ಳುತ್ತದೆ. ಈ ಸಂದರ್ಭದಲ್ಲಿ ಎರಡೂ ಸಂಸ್ಥೆಗಳ ನಡುವಿನ ಪರಸ್ಪರ ಬದ್ಧತೆಯನ್ನು ಬಲಪಡಿಸಿಕೊಳ್ಳುವ ನಿಟ್ಟಿನಲ್ಲಿ ಪರಸ್ಪರ ಒಪ್ಪಂದಕ್ಕೆ ಬರಲಾಯಿತು. ಫ್ಲೋರಿಡಾ ಇಂಟರ್‌ನ್ಯಾಷನಲ್ ಯೂನಿವರ್ಸಿಟಿ ಪ್ರಾಧ್ಯಾಪಕ ಡಾ.ಕೆನ್ನೆತ್ ಫರ್ಚುನ್, ಡಾ.ಕೆನ್ನೆತ್ ಜೆ. ಫರ್ಟುನ್, ಫ್ಲೋರಿಡಾ
ವಿವಿ ರಿಜಿಸ್ಟ್ರಾರ್ ಡಾ. ಎಂ.ಝಡ್.ಕುರಿಯನ್, ಕುಲಾಧಿಪತಿಗಳ ಸಲಹೆಗಾರರಾದ ಡಾ.ವಿವೇಕ್ ವೀರಯ್ಯ, ವೈದ್ಯಕೀಯ ಕಾಲೇಜಿನ ಪ್ರಾಂಶುಪಾಲರಾದ ಡಾ.ಸಾಣಿಕೊಪ್ಪ, ಡೆಂಟಲ್ ಕಾಲೇಜಿನ ಪ್ರಾಂಶುಪಾಲರಾದ ಡಾ.ಪ್ರವೀಣ್ ಕುಡುವಾ, ನೆಲಮಂಗಲ ವೈದ್ಯಕೀಯ ಕಾಲೇಜು ಮತ್ತು ಸಂಶೋಧನಾ ಕೇಂದ್ರದ ಪ್ರಾಂಶುಪಾಲ ಡಾ.ದಿವಾಕರ್ ಮತ್ತು ವಿವಿಧ ವಿಭಾಗಗಳ ಪ್ರಾಧ್ಯಾಪಕರು ಒಡಂಬಡಿಕೆ ಸಭೆಯಲ್ಲಿ ಪಾಲ್ಗೊಂಡಿದ್ದರು.
ಸಿದ್ಧಾರ್ಥ ಇಂಜಿನಿಯರಿಂಗ್ ಕಾಲೇಜಿಗೆ ಭೇಟಿ :
ಇಂಜಿನಿಯರಿಂಗ್ ಕ್ಷೇತ್ರದಲ್ಲಿ ಅತ್ಯಾಧುನಿಕ ರೀತಿಯ ಶೈಕ್ಷಣಿಕ ಸಂಶೋಧನೆ, ಜ್ಞಾನ ಶಿಕ್ಷಣಕ್ಕೆ ಉತ್ತೇಜನ, ಪರಸ್ಪರ ಶೈಕ್ಷಣಿಕ ಸಹಕಾರ ಹೆಚ್ಚಿಸುವ ಗುರಿ ಮತ್ತು ಸಾಂಸ್ಕೃತಿಕ ವಿನಿಮಯ ಉದ್ದೇಶದಿಂದ ಅಮೇರಿಕಾದ ಫ್ಲೋರಿಡಾ ಇಂಟರ್‌ನ್ಯಾಷನಲ್ ಯೂನಿವರ್ಸಿಟಿಯ
ನಿಯೋಗ ಕಳೆದ ಜೂನ್ 18 ರಂದು ನಗರದ ಶ್ರೀ ಸಿದ್ಧಾರ್ಥ ಇಂಜಿನಿಯರಿಂಗ್ ಕಾಲೇಜಿಗೆ ಭೇಟಿ ನೀಡಿ, ಪರಾಮರ್ಶೆ ನಡೆಸಿತ್ತು. ಇಂಜಿನಿಯರಿಂಗ್ ಕಾಲೇಜಿನ ಕಂಪ್ಯೂಟರ್ ಸೈನ್ಸ್, ಎಲೆಕ್ಟ್ರಿಕಲ್ ವಿಭಾಗದ ಪ್ರಯೋಗಾಲಯಗಳಿಗೆ ಭೇಟಿ ನೀಡಿದ ನಿಯೋಗ ವಾಸ್ತವಿಕಾಂಶವನ್ನು ಪರಿಶೀಲಿಸಿತು. ನಂತರ ಉದ್ಯೋಗ ಮತ್ತು ತರಬೇತಿ ವಿಭಾಗಕ್ಕೆ ತೆರಳಿದ ನಿಯೋಗದ ಸದಸ್ಯರೊಂದಿಗೆ ಉದ್ಯೋಗ ನೇಮಕಾತಿ ಪ್ರಕ್ರಿಯೆ ಮತ್ತು ತರಬೇತಿ ಕುರಿತು ವಾಸ್ತವಿಕ ವಿನಿಮಯ ಮಾಡಿಕೊಂಡಿತು. ನಂತರ ಕ್ಯಾಂಪಸ್ ನಲ್ಲಿರುವ ಅಕ್ರೆಡಿಟೇಶನ್ ಸೆಂಟರ್, ಸೆಂಟ್ರಲ್ ಲೈಬ್ರರಿಗೆ ಭೇಟಿ ನೀಡಿದ ಫ್ಲೋರಿಡಾ ನಿಯೋಗ, ಜ್ಞಾನಾರ್ಜನೆಗಳ ಗ್ರಂಥಾಲಯಗಳ ಅಗತ್ಯತೆಗೆ ಸೂಕ್ತ ವ್ಯವಸ್ಥೆ ಕಲ್ಪಿಸಿರುವುದಕ್ಕೆ ಸಂತಸ ವ್ಯಕ್ತಪಡಿಸಿತು.
